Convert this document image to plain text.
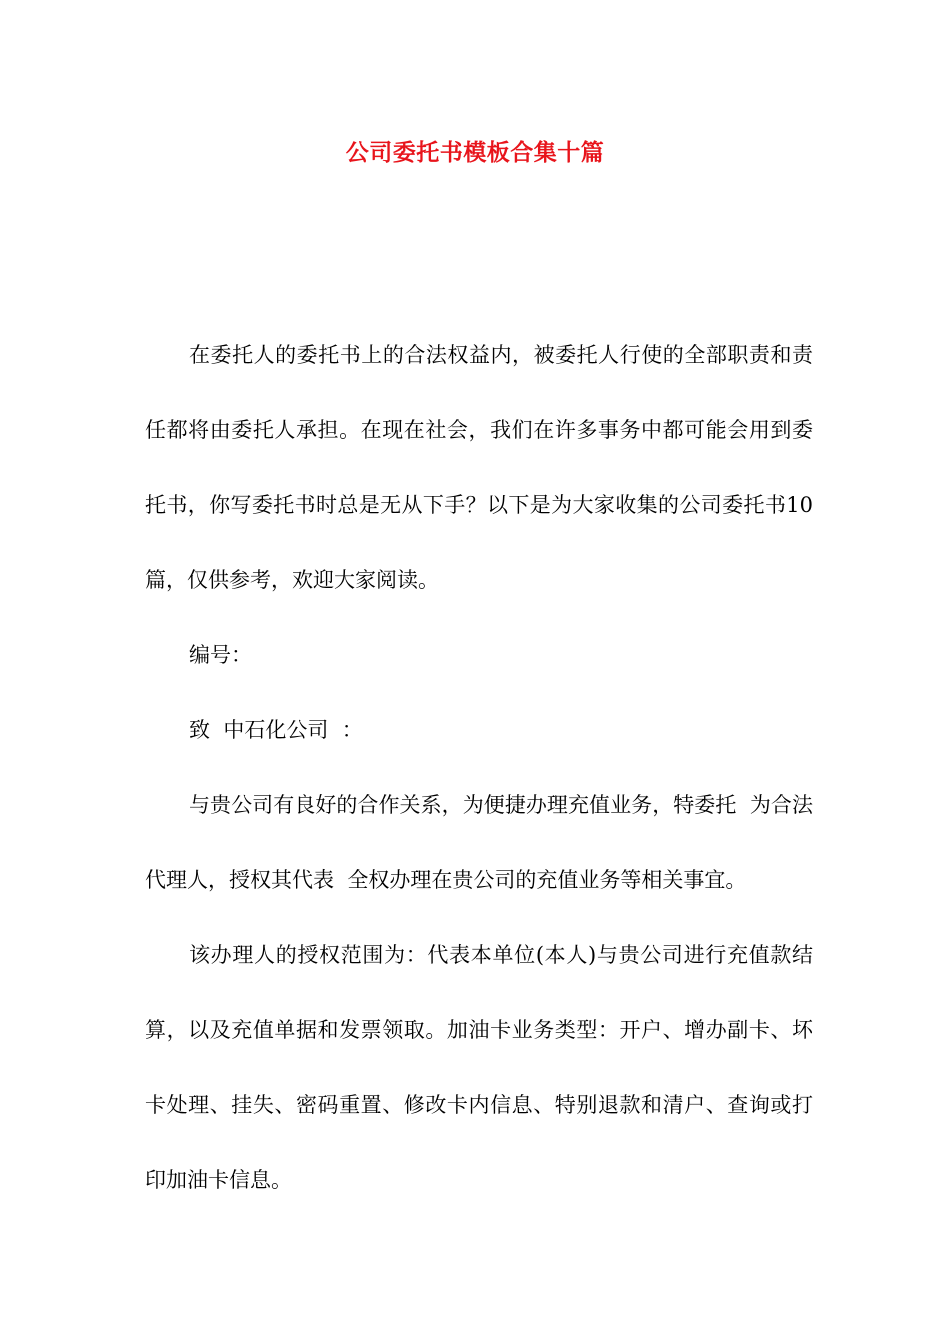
公司委托书模板合集十篇

在委托人的委托书上的合法权益内，被委托人行使的全部职责和责任都将由委托人承担。在现在社会，我们在许多事务中都可能会用到委托书，你写委托书时总是无从下手？以下是为大家收集的公司委托书10篇，仅供参考，欢迎大家阅读。

编号：

致  中石化公司  ：

与贵公司有良好的合作关系，为便捷办理充值业务，特委托  为合法代理人，授权其代表  全权办理在贵公司的充值业务等相关事宜。

该办理人的授权范围为：代表本单位(本人)与贵公司进行充值款结算，以及充值单据和发票领取。加油卡业务类型：开户、增办副卡、坏卡处理、挂失、密码重置、修改卡内信息、特别退款和清户、查询或打印加油卡信息。
